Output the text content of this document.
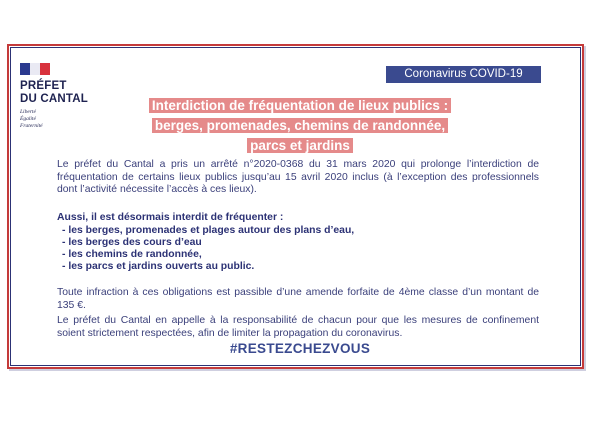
PRÉFET
DU CANTAL
Liberté
Égalité
Fraternité
Coronavirus COVID-19
Interdiction de fréquentation de lieux publics :
berges, promenades, chemins de randonnée,
parcs et jardins
Le préfet du Cantal a pris un arrêté n°2020-0368 du 31 mars 2020 qui prolonge l’interdiction de fréquentation de certains lieux publics jusqu’au 15 avril 2020 inclus (à l’exception des professionnels dont l’activité nécessite l’accès à ces lieux).
Aussi, il est désormais interdit de fréquenter :
- les berges, promenades et plages autour des plans d’eau,
- les berges des cours d’eau
- les chemins de randonnée,
- les parcs et jardins ouverts au public.
Toute infraction à ces obligations est passible d’une amende forfaite de 4ème classe d’un montant de 135 €.
Le préfet du Cantal en appelle à la responsabilité de chacun pour que les mesures de confinement soient strictement respectées, afin de limiter la propagation du coronavirus.
#RESTEZCHEZVOUS
